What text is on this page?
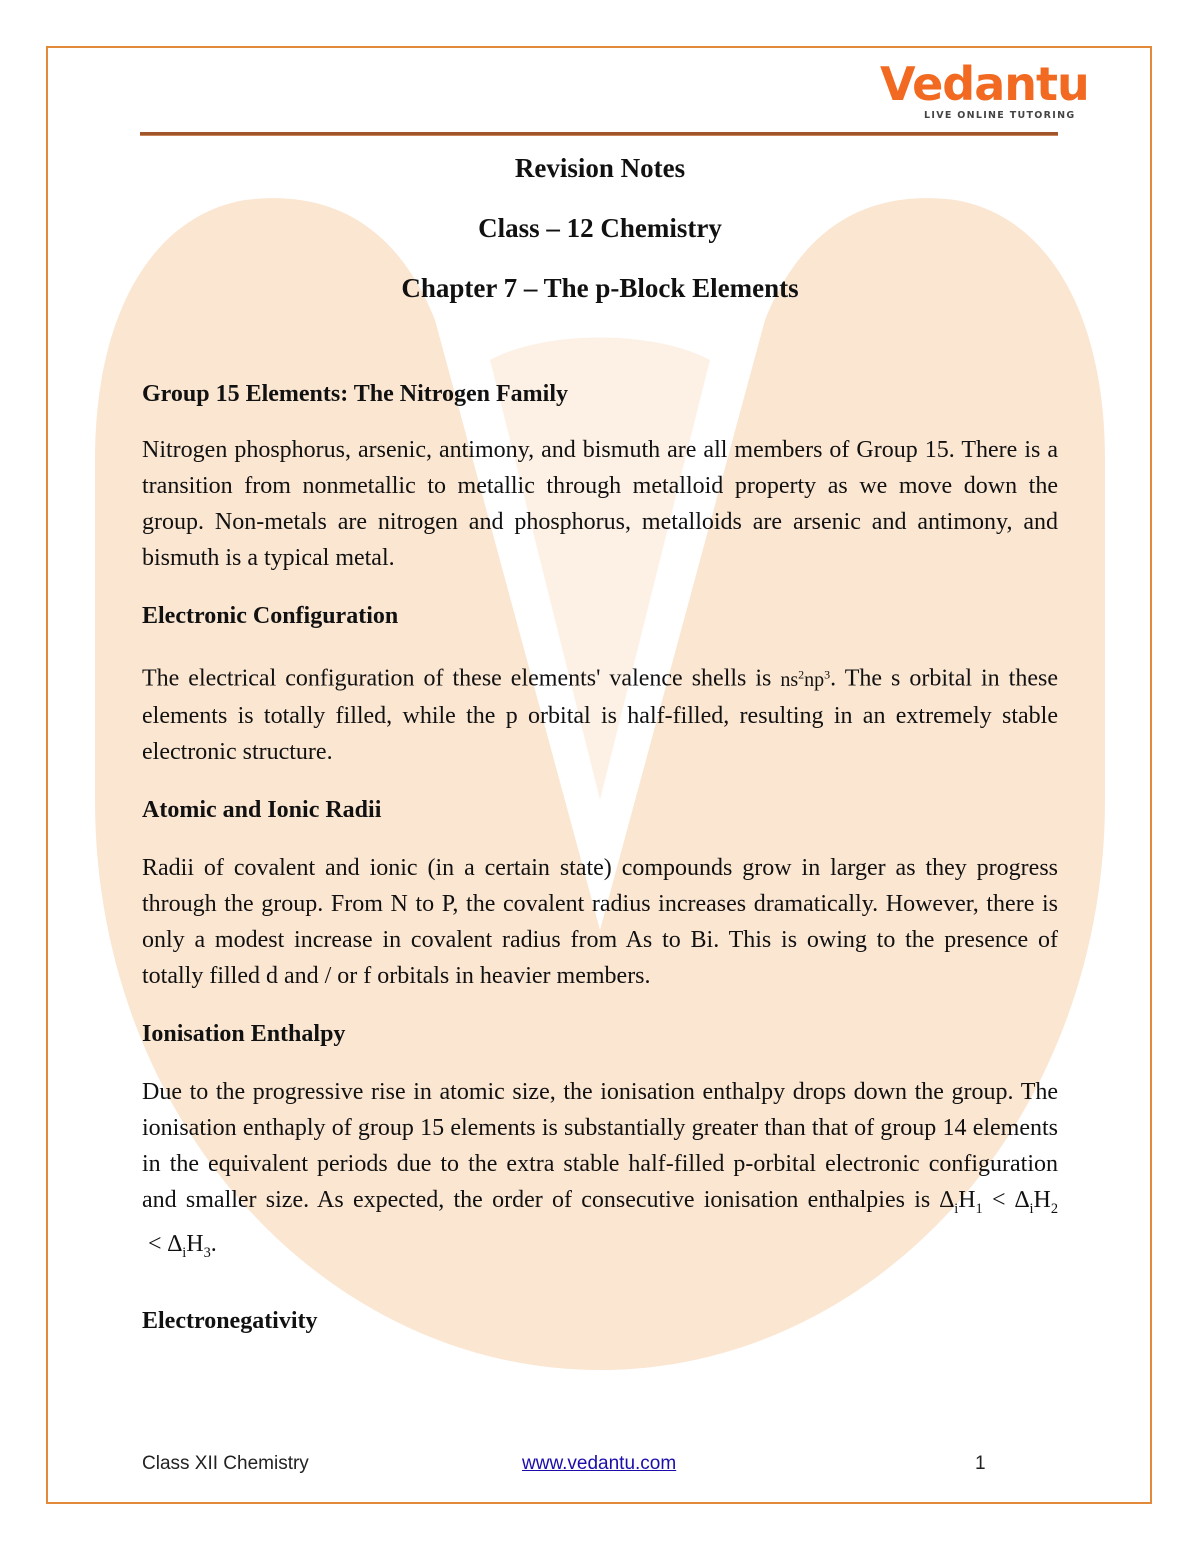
Vedantu
LIVE ONLINE TUTORING

Revision Notes

Class – 12 Chemistry

Chapter 7 – The p-Block Elements

Group 15 Elements: The Nitrogen Family

Nitrogen phosphorus, arsenic, antimony, and bismuth are all members of Group 15. There is a transition from nonmetallic to metallic through metalloid property as we move down the group. Non-metals are nitrogen and phosphorus, metalloids are arsenic and antimony, and bismuth is a typical metal.

Electronic Configuration

The electrical configuration of these elements' valence shells is $ns^2np^3$. The s orbital in these elements is totally filled, while the p orbital is half-filled, resulting in an extremely stable electronic structure.

Atomic and Ionic Radii

Radii of covalent and ionic (in a certain state) compounds grow in larger as they progress through the group. From N to P, the covalent radius increases dramatically. However, there is only a modest increase in covalent radius from As to Bi. This is owing to the presence of totally filled d and / or f orbitals in heavier members.

Ionisation Enthalpy

Due to the progressive rise in atomic size, the ionisation enthalpy drops down the group. The ionisation enthaply of group 15 elements is substantially greater than that of group 14 elements in the equivalent periods due to the extra stable half-filled p-orbital electronic configuration and smaller size. As expected, the order of consecutive ionisation enthalpies is $\Delta_iH_1 < \Delta_iH_2 < \Delta_iH_3$.

Electronegativity

Class XII Chemistry	www.vedantu.com	1
